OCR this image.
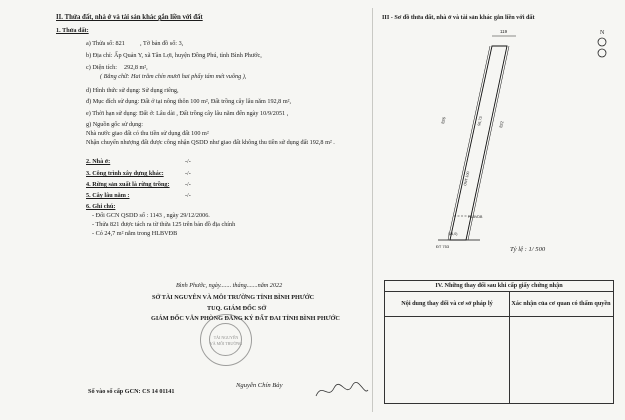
II. Thửa đất, nhà ở và tài sản khác gắn liền với đất
1. Thửa đất:
a) Thửa số: 821 , Tờ bản đồ số: 3,
b) Địa chỉ: Ấp Quản Y, xã Tân Lợi, huyện Đồng Phú, tỉnh Bình Phước,
c) Diện tích: 292,8 m²,
( Bằng chữ: Hai trăm chín mươi hai phẩy tám mét vuông ),
d) Hình thức sử dụng: Sử dụng riêng,
đ) Mục đích sử dụng: Đất ở tại nông thôn 100 m², Đất trồng cây lâu năm 192,8 m²,
e) Thời hạn sử dụng: Đất ở: Lâu dài , Đất trồng cây lâu năm đến ngày 10/9/2051 ,
g) Nguồn gốc sử dụng:
Nhà nước giao đất có thu tiền sử dụng đất 100 m²
Nhận chuyển nhượng đất được công nhận QSDD như giao đất không thu tiền sử dụng đất 192,8 m² .
2. Nhà ở:	-/-
3. Công trình xây dựng khác:	-/-
4. Rừng sản xuất là rừng trồng: -/-
5. Cây lâu năm :	-/-
6. Ghi chú:
- Đổi GCN QSDD số : 1143 , ngày 29/12/2006.
- Thửa 821 được tách ra từ thửa 125 trên bản đồ địa chính
- Có 24,7 m² nằm trong HLBVĐB
Bình Phước, ngày....... tháng.......năm 2022
SỞ TÀI NGUYÊN VÀ MÔI TRƯỜNG TỈNH BÌNH PHƯỚC
TUQ. GIÁM ĐỐC SỞ
GIÁM ĐỐC VĂN PHÒNG ĐĂNG KÝ ĐẤT ĐAI TỈNH BÌNH PHƯỚC
TÀI NGUYÊN
VÀ MÔI TRƯỜNG
Số vào sổ cấp GCN: CS 14 01141
Nguyễn Chín Bảy
III - Sơ đồ thửa đất, nhà ở và tài sản khác gắn liền với đất
N
119
ĐT 753
(14,0)
826
822
96,73
ONT 100
HLBVDB
Tỷ lệ : 1/ 500
IV. Những thay đổi sau khi cấp giấy chứng nhận
Nội dung thay đổi và cơ sở pháp lý	Xác nhận của cơ quan có thẩm quyền
